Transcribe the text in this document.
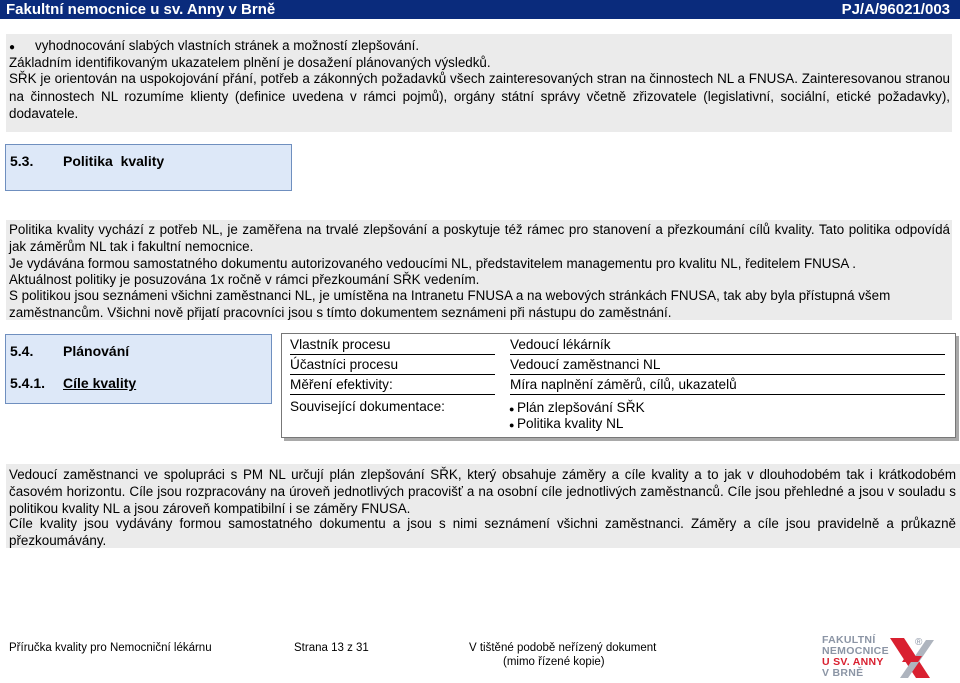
Fakultní nemocnice u sv. Anny v Brně	PJ/A/96021/003
● vyhodnocování slabých vlastních stránek a možností zlepšování.
Základním identifikovaným ukazatelem plnění je dosažení plánovaných výsledků.
SŘK je orientován na uspokojování přání, potřeb a zákonných požadavků všech zainteresovaných stran na činnostech NL a FNUSA. Zainteresovanou stranou na činnostech NL rozumíme klienty (definice uvedena v rámci pojmů), orgány státní správy včetně zřizovatele (legislativní, sociální, etické požadavky), dodavatele.
5.3. Politika  kvality
Politika kvality vychází z potřeb NL, je zaměřena na trvalé zlepšování a poskytuje též rámec pro stanovení a přezkoumání cílů kvality. Tato politika odpovídá jak záměrům NL tak i fakultní nemocnice.
Je vydávána formou samostatného dokumentu autorizovaného vedoucími NL, představitelem managementu pro kvalitu NL, ředitelem FNUSA .
Aktuálnost politiky je posuzována 1x ročně v rámci přezkoumání SŘK vedením.
S politikou jsou seznámeni všichni zaměstnanci NL, je umístěna na Intranetu FNUSA a na webových stránkách FNUSA, tak aby byla přístupná všem zaměstnancům. Všichni nově přijatí pracovníci jsou s tímto dokumentem seznámeni při nástupu do zaměstnání.
5.4. Plánování
5.4.1. Cíle kvality
Vlastník procesu	Vedoucí lékárník
Účastníci procesu	Vedoucí zaměstnanci NL
Měření efektivity:	Míra naplnění záměrů, cílů, ukazatelů
Související dokumentace:	● Plán zlepšování SŘK
● Politika kvality NL
Vedoucí zaměstnanci ve spolupráci s PM NL určují plán zlepšování SŘK, který obsahuje záměry a cíle kvality a to jak v dlouhodobém tak i krátkodobém časovém horizontu. Cíle jsou rozpracovány na úroveň jednotlivých pracovišť a na osobní cíle jednotlivých zaměstnanců. Cíle jsou přehledné a jsou v souladu s politikou kvality NL a jsou zároveň kompatibilní i se záměry FNUSA.
Cíle kvality jsou vydávány formou samostatného dokumentu a jsou s nimi seznámení všichni zaměstnanci. Záměry a cíle jsou pravidelně a průkazně přezkoumávány.
Příručka kvality pro Nemocniční lékárnu	Strana 13 z 31	V tištěné podobě neřízený dokument
(mimo řízené kopie)
FAKULTNÍ
NEMOCNICE
U SV. ANNY
V BRNĚ
®
